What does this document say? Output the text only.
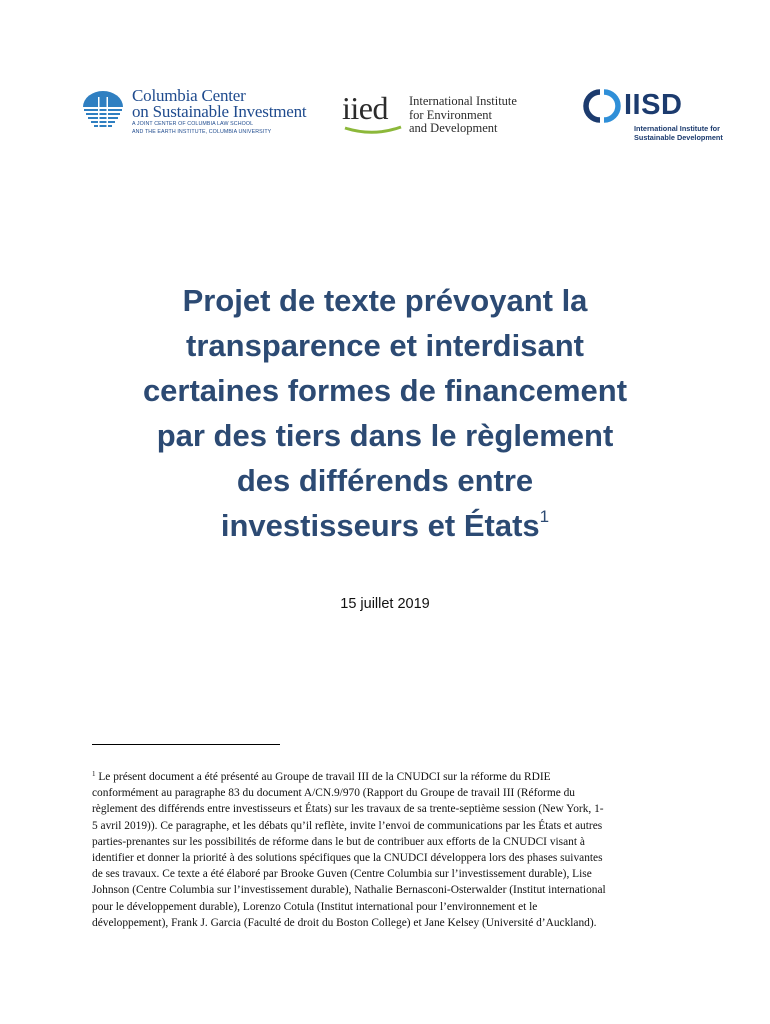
Columbia Center
on Sustainable Investment
A JOINT CENTER OF COLUMBIA LAW SCHOOL
AND THE EARTH INSTITUTE, COLUMBIA UNIVERSITY
iied International Institute
for Environment
and Development
IISD
International Institute for
Sustainable Development
Projet de texte prévoyant la
transparence et interdisant
certaines formes de financement
par des tiers dans le règlement
des différends entre
investisseurs et États$^1$
15 juillet 2019
$^1$ Le présent document a été présenté au Groupe de travail III de la CNUDCI sur la réforme du RDIE
conformément au paragraphe 83 du document A/CN.9/970 (Rapport du Groupe de travail III (Réforme du
règlement des différends entre investisseurs et États) sur les travaux de sa trente-septième session (New York, 1-
5 avril 2019)). Ce paragraphe, et les débats qu’il reflète, invite l’envoi de communications par les États et autres
parties-prenantes sur les possibilités de réforme dans le but de contribuer aux efforts de la CNUDCI visant à
identifier et donner la priorité à des solutions spécifiques que la CNUDCI développera lors des phases suivantes
de ses travaux. Ce texte a été élaboré par Brooke Guven (Centre Columbia sur l’investissement durable), Lise
Johnson (Centre Columbia sur l’investissement durable), Nathalie Bernasconi-Osterwalder (Institut international
pour le développement durable), Lorenzo Cotula (Institut international pour l’environnement et le
développement), Frank J. Garcia (Faculté de droit du Boston College) et Jane Kelsey (Université d’Auckland).
